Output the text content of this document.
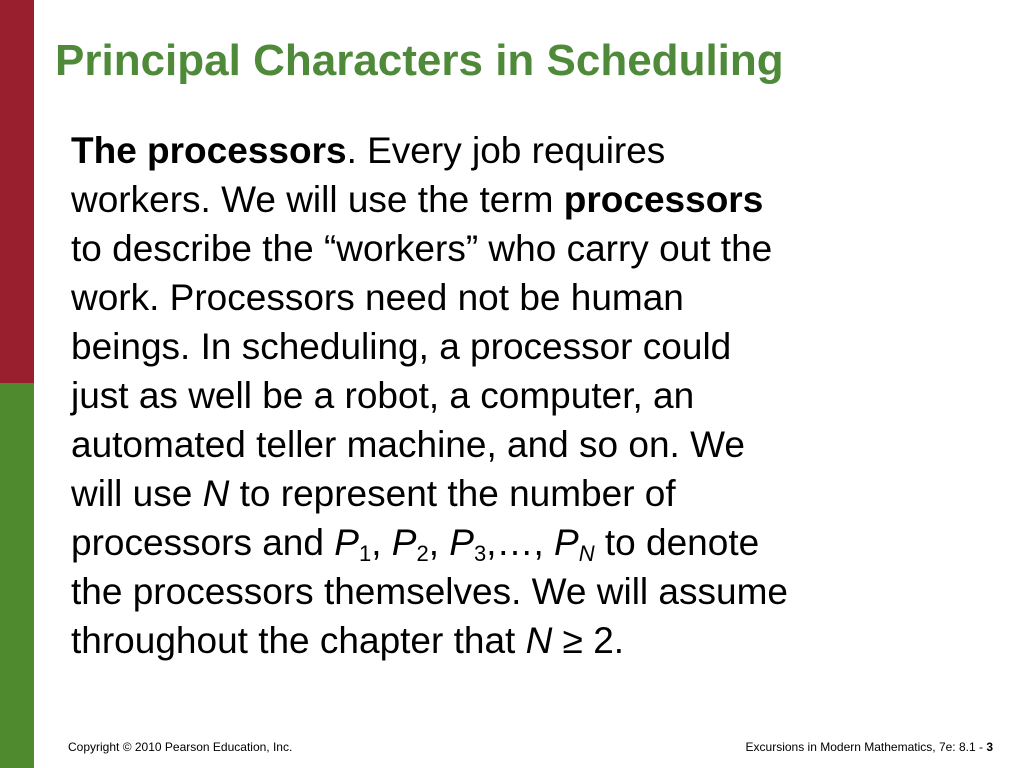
Principal Characters in Scheduling
The processors. Every job requires
workers. We will use the term processors
to describe the “workers” who carry out the
work. Processors need not be human
beings. In scheduling, a processor could
just as well be a robot, a computer, an
automated teller machine, and so on. We
will use N to represent the number of
processors and $P_1$, $P_2$, $P_3,\dots$, $P_N$ to denote
the processors themselves. We will assume
throughout the chapter that N ≥ 2.
Copyright © 2010 Pearson Education, Inc.	Excursions in Modern Mathematics, 7e: 8.1 - 3
